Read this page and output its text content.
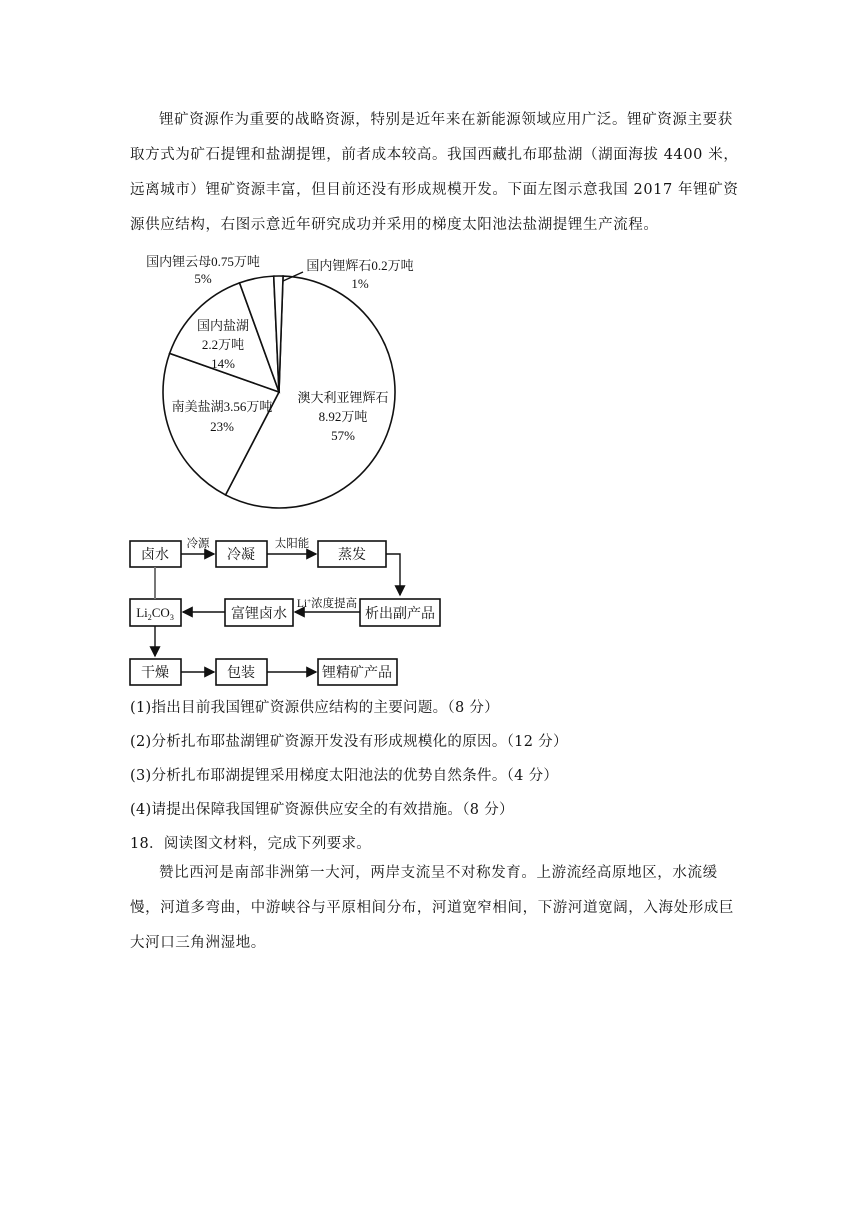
锂矿资源作为重要的战略资源，特别是近年来在新能源领域应用广泛。锂矿资源主要获取方式为矿石提锂和盐湖提锂，前者成本较高。我国西藏扎布耶盐湖（湖面海拔 4400 米，远离城市）锂矿资源丰富，但目前还没有形成规模开发。下面左图示意我国 2017 年锂矿资源供应结构，右图示意近年研究成功并采用的梯度太阳池法盐湖提锂生产流程。
澳大利亚锂辉石
8.92万吨
57%
南美盐湖3.56万吨
23%
国内盐湖
2.2万吨
14%
国内锂云母0.75万吨
5%
国内锂辉石0.2万吨
1%
卤水	冷凝	蒸发
冷源	太阳能
析出副产品
富锂卤水
$Li_2CO_3$
Li+浓度提高
干燥	包装	锂精矿产品
(1)指出目前我国锂矿资源供应结构的主要问题。（8 分）
(2)分析扎布耶盐湖锂矿资源开发没有形成规模化的原因。（12 分）
(3)分析扎布耶湖提锂采用梯度太阳池法的优势自然条件。（4 分）
(4)请提出保障我国锂矿资源供应安全的有效措施。（8 分）
18．阅读图文材料，完成下列要求。
赞比西河是南部非洲第一大河，两岸支流呈不对称发育。上游流经高原地区，水流缓慢，河道多弯曲，中游峡谷与平原相间分布，河道宽窄相间，下游河道宽阔，入海处形成巨大河口三角洲湿地。
